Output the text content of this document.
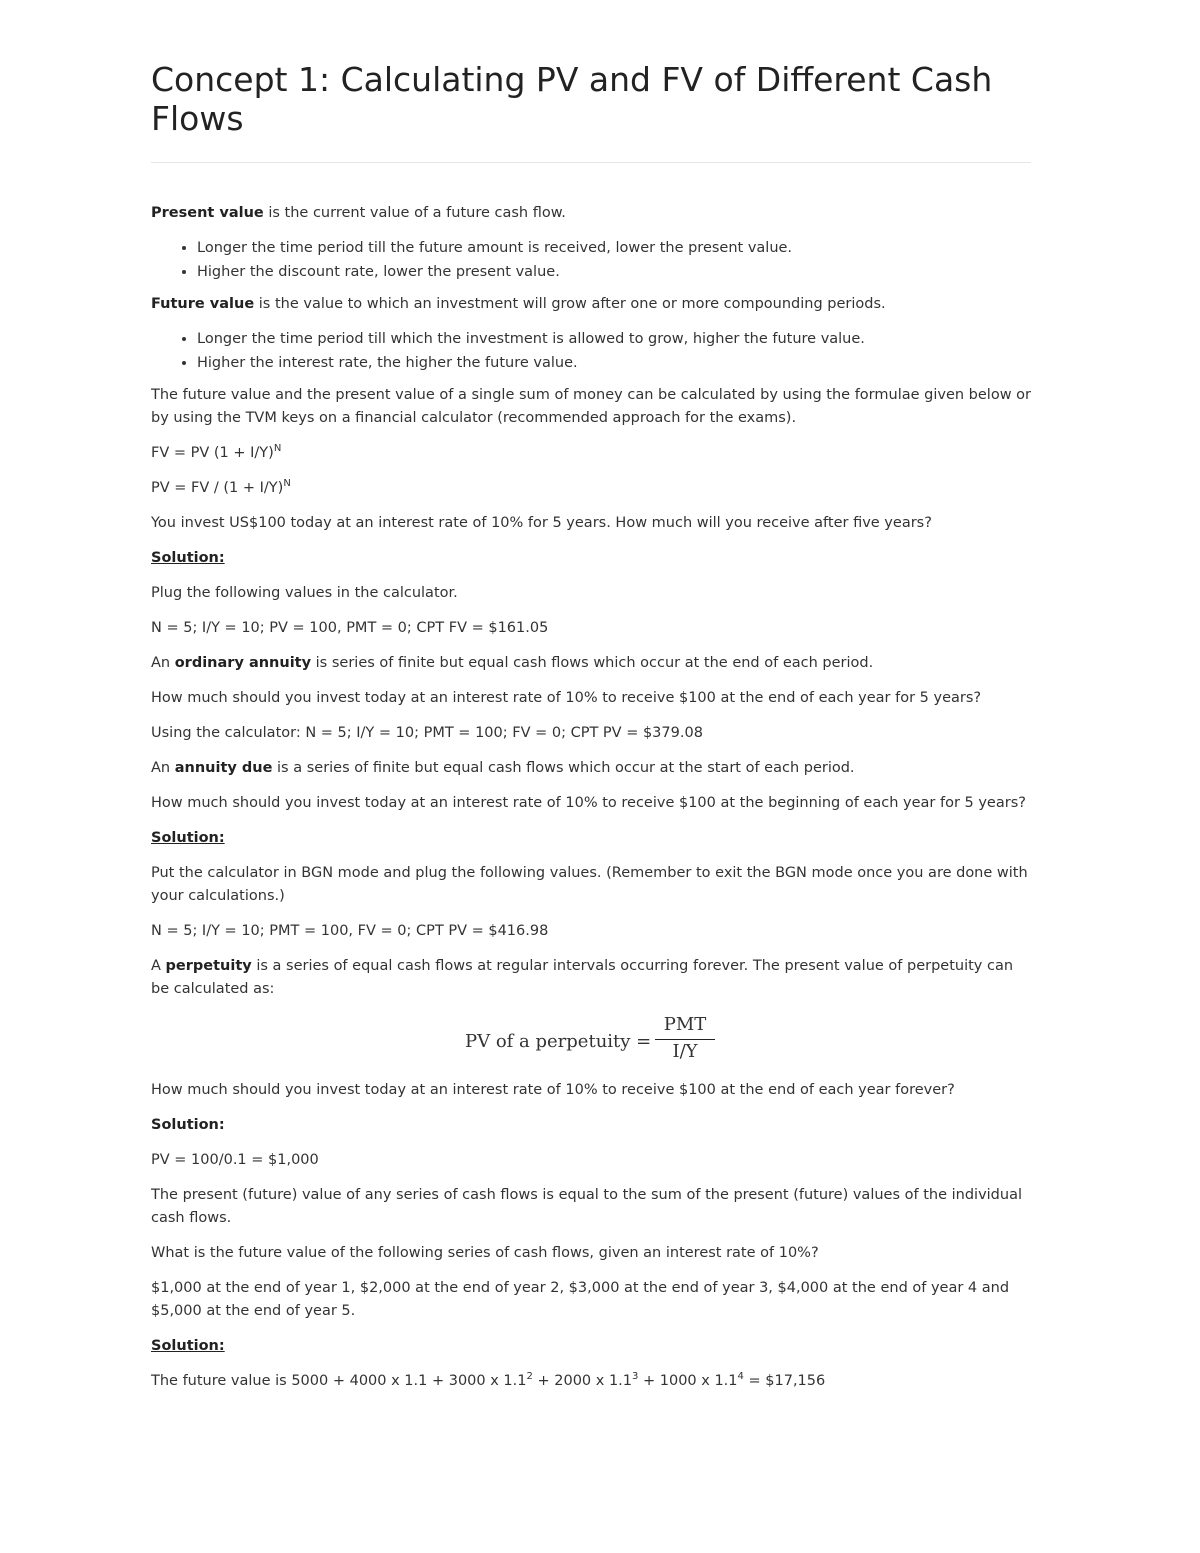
Concept 1: Calculating PV and FV of Different Cash Flows

Present value is the current value of a future cash flow.

• Longer the time period till the future amount is received, lower the present value.
• Higher the discount rate, lower the present value.

Future value is the value to which an investment will grow after one or more compounding periods.

• Longer the time period till which the investment is allowed to grow, higher the future value.
• Higher the interest rate, the higher the future value.

The future value and the present value of a single sum of money can be calculated by using the formulae given below or by using the TVM keys on a financial calculator (recommended approach for the exams).

FV = PV $(1 + I/Y)^N$

PV = FV / $(1 + I/Y)^N$

You invest US$100 today at an interest rate of 10% for 5 years. How much will you receive after five years?

Solution:

Plug the following values in the calculator.

N = 5; I/Y = 10; PV = 100, PMT = 0; CPT FV = $161.05

An ordinary annuity is series of finite but equal cash flows which occur at the end of each period.

How much should you invest today at an interest rate of 10% to receive $100 at the end of each year for 5 years?

Using the calculator: N = 5; I/Y = 10; PMT = 100; FV = 0; CPT PV = $379.08

An annuity due is a series of finite but equal cash flows which occur at the start of each period.

How much should you invest today at an interest rate of 10% to receive $100 at the beginning of each year for 5 years?

Solution:

Put the calculator in BGN mode and plug the following values. (Remember to exit the BGN mode once you are done with your calculations.)

N = 5; I/Y = 10; PMT = 100, FV = 0; CPT PV = $416.98

A perpetuity is a series of equal cash flows at regular intervals occurring forever. The present value of perpetuity can be calculated as:

PV of a perpetuity =
PMT
I/Y

How much should you invest today at an interest rate of 10% to receive $100 at the end of each year forever?

Solution:

PV = 100/0.1 = $1,000

The present (future) value of any series of cash flows is equal to the sum of the present (future) values of the individual cash flows.

What is the future value of the following series of cash flows, given an interest rate of 10%?

$1,000 at the end of year 1, $2,000 at the end of year 2, $3,000 at the end of year 3, $4,000 at the end of year 4 and $5,000 at the end of year 5.

Solution:

The future value is 5000 + 4000 x 1.1 + 3000 x $1.1^2 + 2000$ x $1.1^3 + 1000$ x $1.1^4$ = $17,156
